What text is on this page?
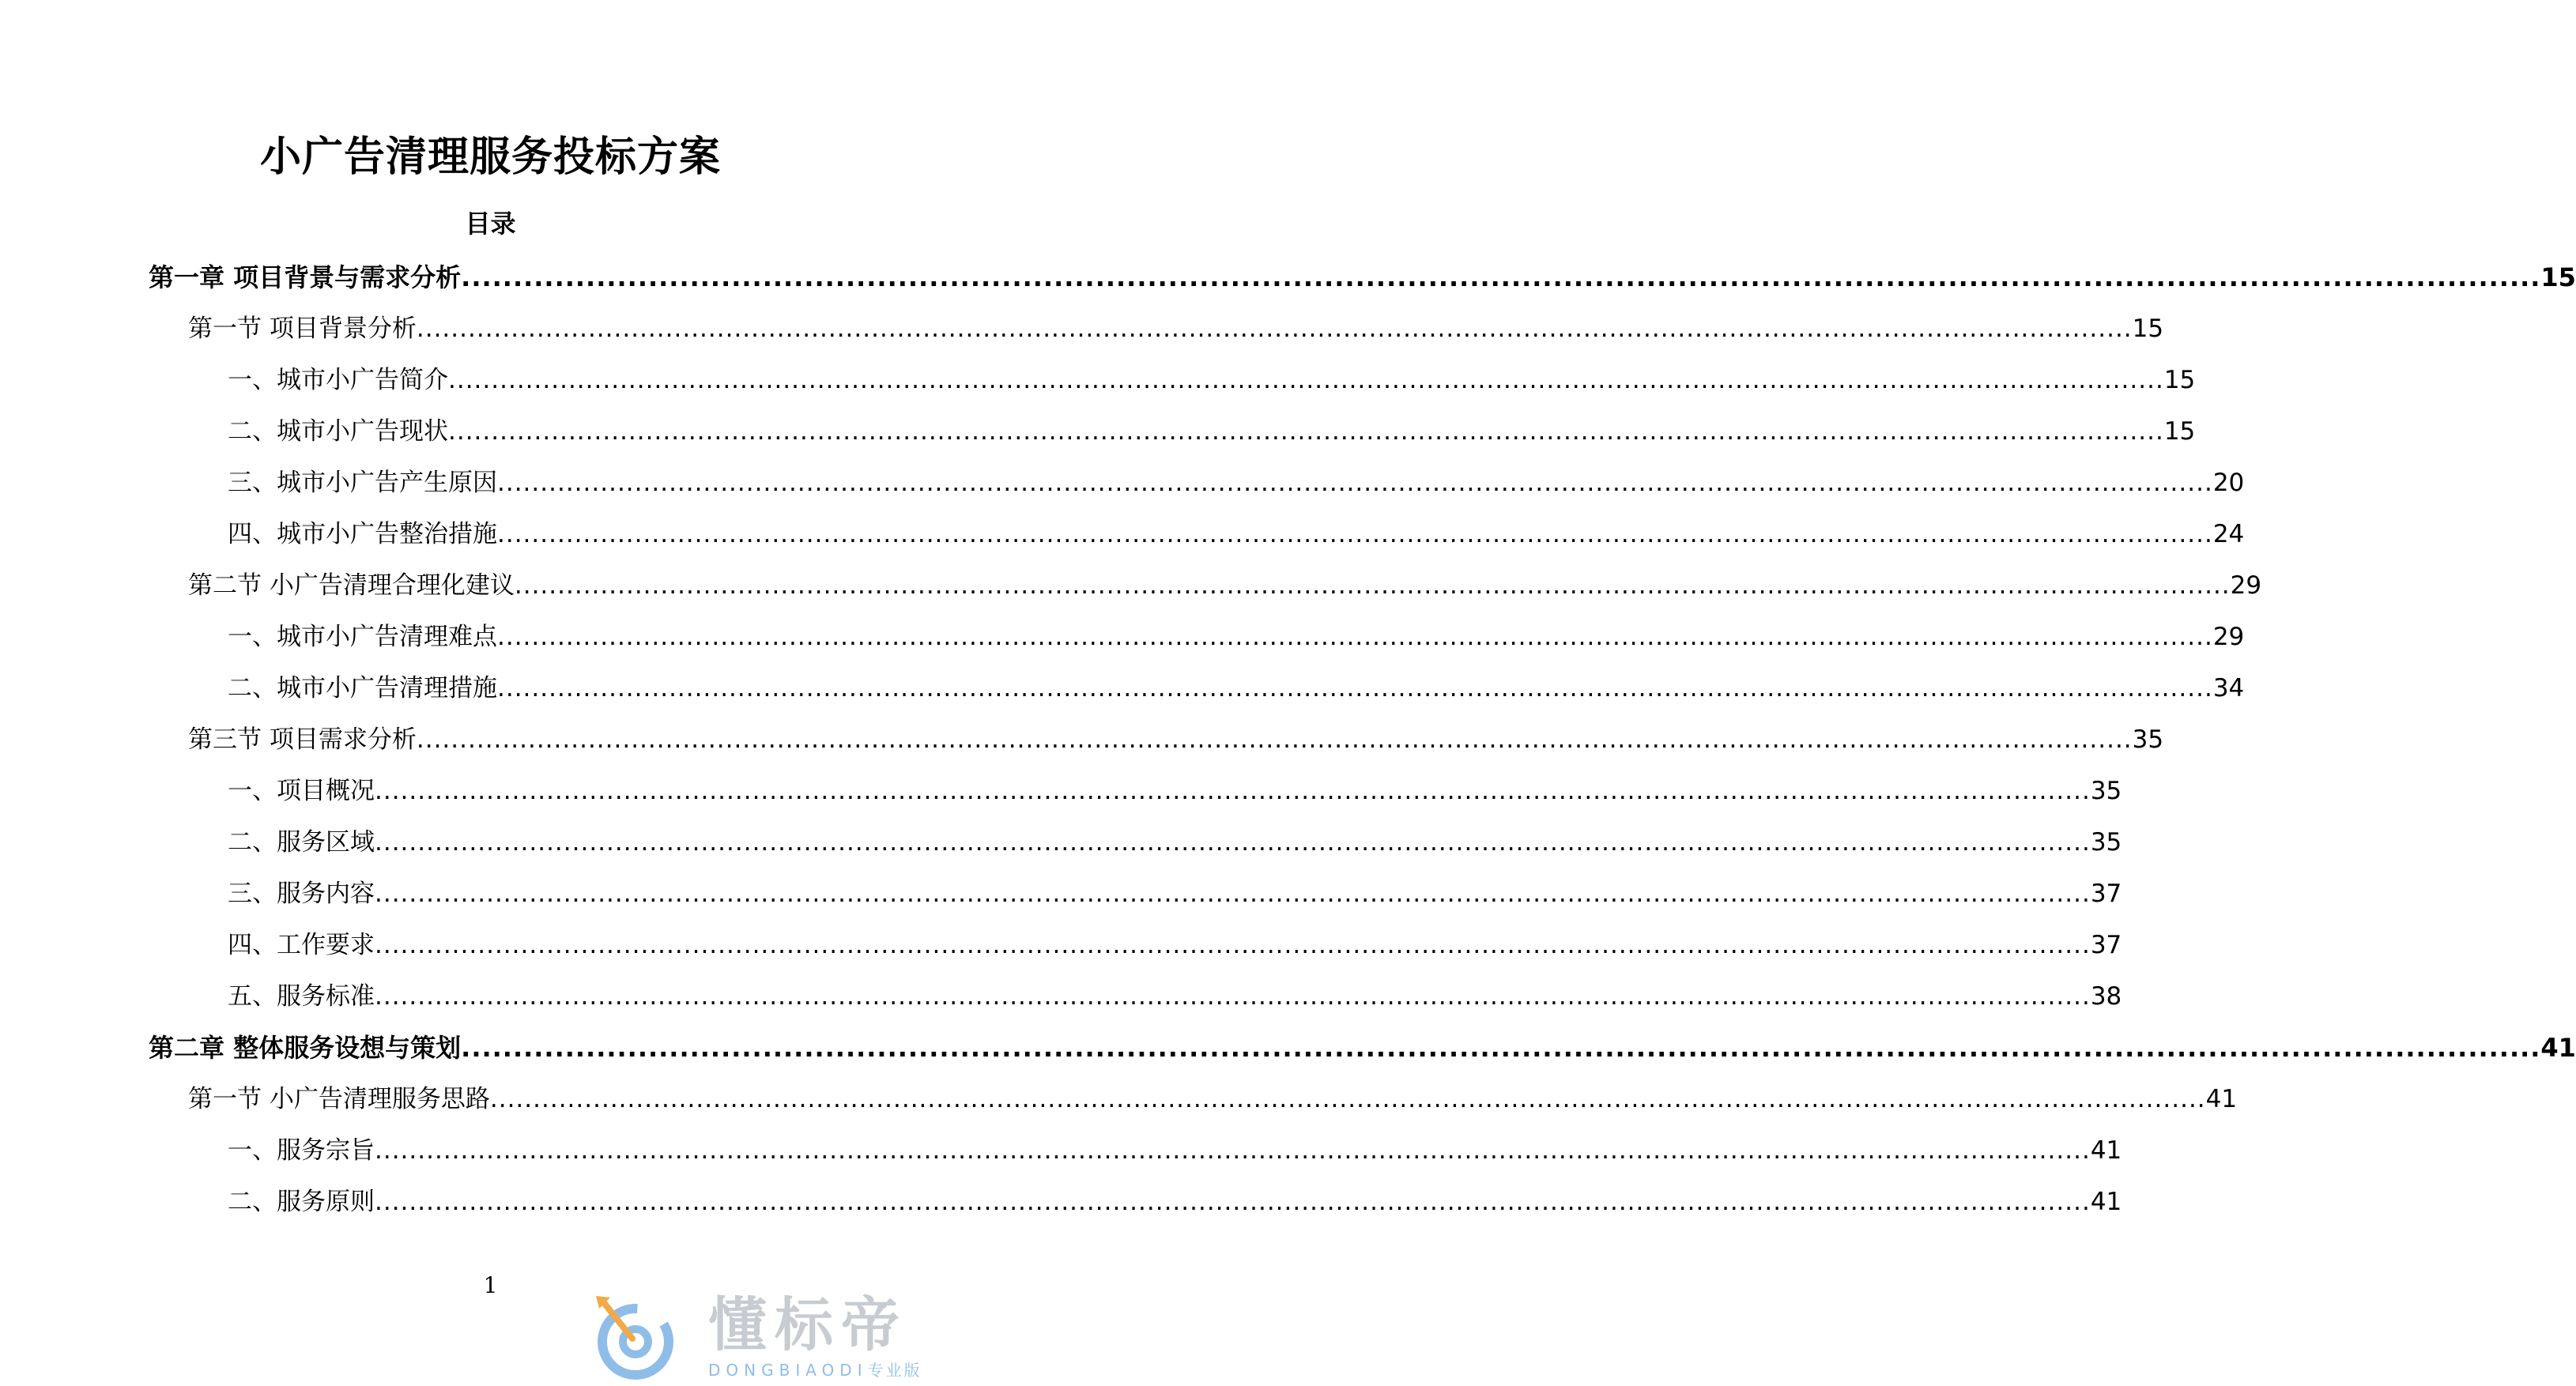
小广告清理服务投标方案
目录
第一章 项目背景与需求分析 ........................................................................................................................................................................................................ 15
第一节 项目背景分析 ........................................................................................................................................................................................................ 15
一、城市小广告简介 ........................................................................................................................................................................................................ 15
二、城市小广告现状 ........................................................................................................................................................................................................ 15
三、城市小广告产生原因 ........................................................................................................................................................................................................ 20
四、城市小广告整治措施 ........................................................................................................................................................................................................ 24
第二节 小广告清理合理化建议 ........................................................................................................................................................................................................ 29
一、城市小广告清理难点 ........................................................................................................................................................................................................ 29
二、城市小广告清理措施 ........................................................................................................................................................................................................ 34
第三节 项目需求分析 ........................................................................................................................................................................................................ 35
一、项目概况 ........................................................................................................................................................................................................ 35
二、服务区域 ........................................................................................................................................................................................................ 35
三、服务内容 ........................................................................................................................................................................................................ 37
四、工作要求 ........................................................................................................................................................................................................ 37
五、服务标准 ........................................................................................................................................................................................................ 38
第二章 整体服务设想与策划 ........................................................................................................................................................................................................ 41
第一节 小广告清理服务思路 ........................................................................................................................................................................................................ 41
一、服务宗旨 ........................................................................................................................................................................................................ 41
二、服务原则 ........................................................................................................................................................................................................ 41
1
懂标帝
DONGBIAODI专业版
